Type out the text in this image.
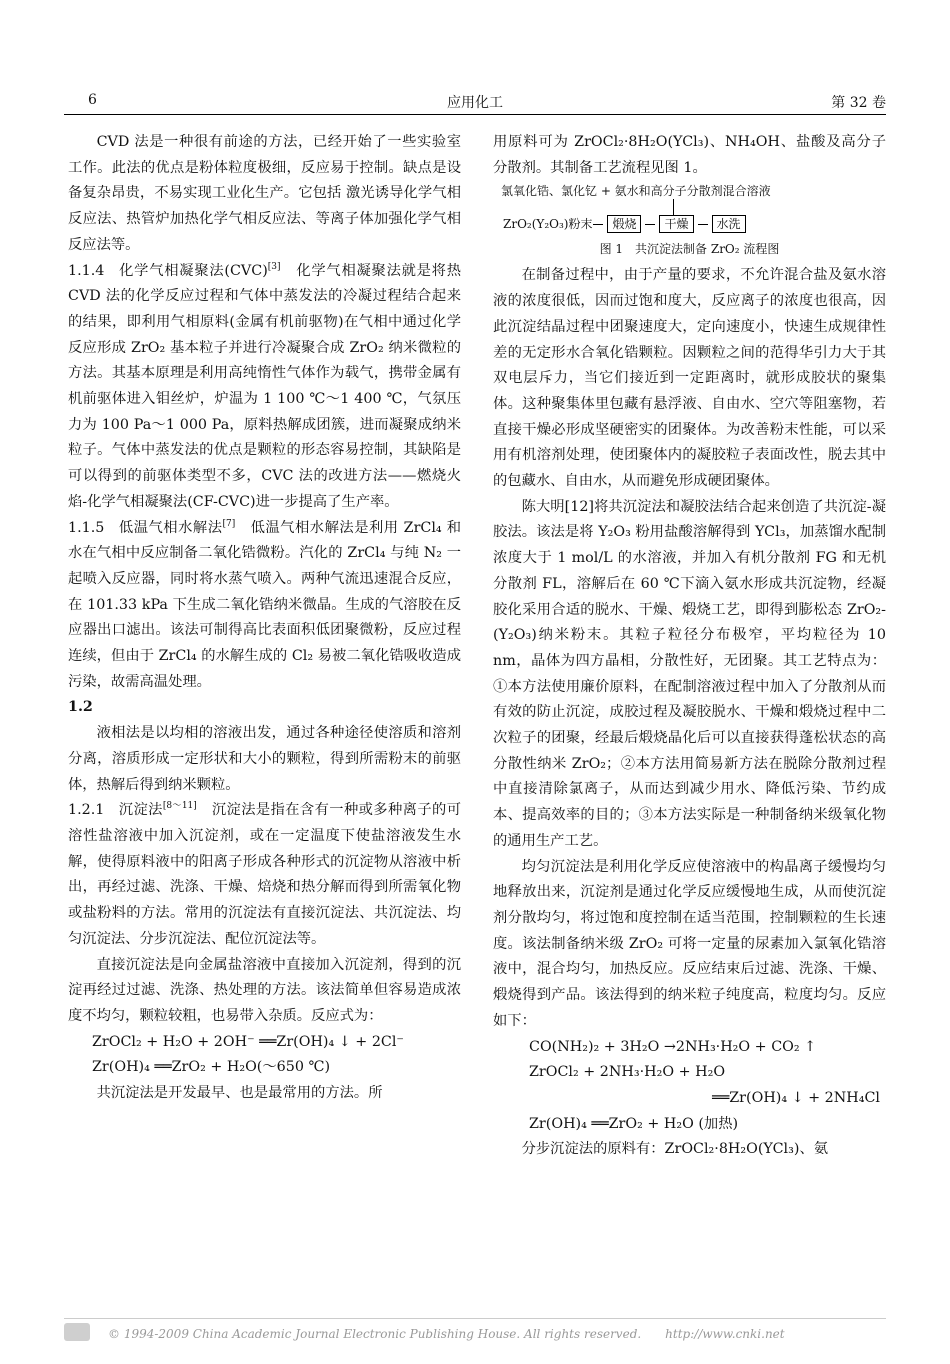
6	应用化工	第 32 卷

CVD 法是一种很有前途的方法，已经开始了一些实验室工作。此法的优点是粉体粒度极细，反应易于控制。缺点是设备复杂昂贵，不易实现工业化生产。它包括 激光诱导化学气相反应法、热管炉加热化学气相反应法、等离子体加强化学气相反应法等。

1.1.4 化学气相凝聚法(CVC)[3]　 化学气相凝聚法就是将热 CVD 法的化学反应过程和气体中蒸发法的冷凝过程结合起来的结果，即利用气相原料(金属有机前驱物)在气相中通过化学反应形成 ZrO₂ 基本粒子并进行冷凝聚合成 ZrO₂ 纳米微粒的方法。其基本原理是利用高纯惰性气体作为载气，携带金属有机前驱体进入钼丝炉，炉温为 1 100 ℃～1 400 ℃，气氛压力为 100 Pa～1 000 Pa，原料热解成团簇，进而凝聚成纳米粒子。气体中蒸发法的优点是颗粒的形态容易控制，其缺陷是可以得到的前驱体类型不多，CVC 法的改进方法——燃烧火焰-化学气相凝聚法(CF-CVC)进一步提高了生产率。

1.1.5 低温气相水解法[7]　 低温气相水解法是利用 ZrCl₄ 和水在气相中反应制备二氧化锆微粉。汽化的 ZrCl₄ 与纯 N₂ 一起喷入反应器，同时将水蒸气喷入。两种气流迅速混合反应，在 101.33 kPa 下生成二氧化锆纳米微晶。生成的气溶胶在反应器出口滤出。该法可制得高比表面积低团聚微粉，反应过程连续，但由于 ZrCl₄ 的水解生成的 Cl₂ 易被二氧化锆吸收造成污染，故需高温处理。

1.2

液相法是以均相的溶液出发，通过各种途径使溶质和溶剂分离，溶质形成一定形状和大小的颗粒，得到所需粉末的前驱体，热解后得到纳米颗粒。

1.2.1 沉淀法[8～11]　 沉淀法是指在含有一种或多种离子的可溶性盐溶液中加入沉淀剂，或在一定温度下使盐溶液发生水解，使得原料液中的阳离子形成各种形式的沉淀物从溶液中析出，再经过滤、洗涤、干燥、焙烧和热分解而得到所需氧化物或盐粉料的方法。常用的沉淀法有直接沉淀法、共沉淀法、均匀沉淀法、分步沉淀法、配位沉淀法等。

直接沉淀法是向金属盐溶液中直接加入沉淀剂，得到的沉淀再经过过滤、洗涤、热处理的方法。该法简单但容易造成浓度不均匀，颗粒较粗，也易带入杂质。反应式为：

ZrOCl₂ + H₂O + 2OH⁻ ══Zr(OH)₄ ↓ + 2Cl⁻

Zr(OH)₄ ══ZrO₂ + H₂O(～650 ℃)

共沉淀法是开发最早、也是最常用的方法。所

用原料可为 ZrOCl₂·8H₂O(YCl₃)、NH₄OH、盐酸及高分子分散剂。其制备工艺流程见图 1。

氯氧化锆、氯化钇 + 氨水和高分子分散剂混合溶液
ZrO₂(Y₂O₃)粉末	煅烧	干燥	水洗
图 1　共沉淀法制备 ZrO₂ 流程图

在制备过程中，由于产量的要求，不允许混合盐及氨水溶液的浓度很低，因而过饱和度大，反应离子的浓度也很高，因此沉淀结晶过程中团聚速度大，定向速度小，快速生成规律性差的无定形水合氧化锆颗粒。因颗粒之间的范得华引力大于其双电层斥力，当它们接近到一定距离时，就形成胶状的聚集体。这种聚集体里包藏有悬浮液、自由水、空穴等阻塞物，若直接干燥必形成坚硬密实的团聚体。为改善粉末性能，可以采用有机溶剂处理，使团聚体内的凝胶粒子表面改性，脱去其中的包藏水、自由水，从而避免形成硬团聚体。

陈大明[12]将共沉淀法和凝胶法结合起来创造了共沉淀-凝胶法。该法是将 Y₂O₃ 粉用盐酸溶解得到 YCl₃，加蒸馏水配制浓度大于 1 mol/L 的水溶液，并加入有机分散剂 FG 和无机分散剂 FL，溶解后在 60 ℃下滴入氨水形成共沉淀物，经凝胶化采用合适的脱水、干燥、煅烧工艺，即得到膨松态 ZrO₂-(Y₂O₃)纳米粉末。其粒子粒径分布极窄，平均粒径为 10 nm，晶体为四方晶相，分散性好，无团聚。其工艺特点为：①本方法使用廉价原料，在配制溶液过程中加入了分散剂从而有效的防止沉淀，成胶过程及凝胶脱水、干燥和煅烧过程中二次粒子的团聚，经最后煅烧晶化后可以直接获得蓬松状态的高分散性纳米 ZrO₂；②本方法用简易新方法在脱除分散剂过程中直接清除氯离子，从而达到减少用水、降低污染、节约成本、提高效率的目的；③本方法实际是一种制备纳米级氧化物的通用生产工艺。

均匀沉淀法是利用化学反应使溶液中的构晶离子缓慢均匀地释放出来，沉淀剂是通过化学反应缓慢地生成，从而使沉淀剂分散均匀，将过饱和度控制在适当范围，控制颗粒的生长速度。该法制备纳米级 ZrO₂ 可将一定量的尿素加入氯氧化锆溶液中，混合均匀，加热反应。反应结束后过滤、洗涤、干燥、煅烧得到产品。该法得到的纳米粒子纯度高，粒度均匀。反应如下：

CO(NH₂)₂ + 3H₂O →2NH₃·H₂O + CO₂ ↑

ZrOCl₂ + 2NH₃·H₂O + H₂O

══Zr(OH)₄ ↓ + 2NH₄Cl

Zr(OH)₄ ══ZrO₂ + H₂O (加热)

分步沉淀法的原料有：ZrOCl₂·8H₂O(YCl₃)、氨

© 1994-2009 China Academic Journal Electronic Publishing House. All rights reserved.　　http://www.cnki.net
